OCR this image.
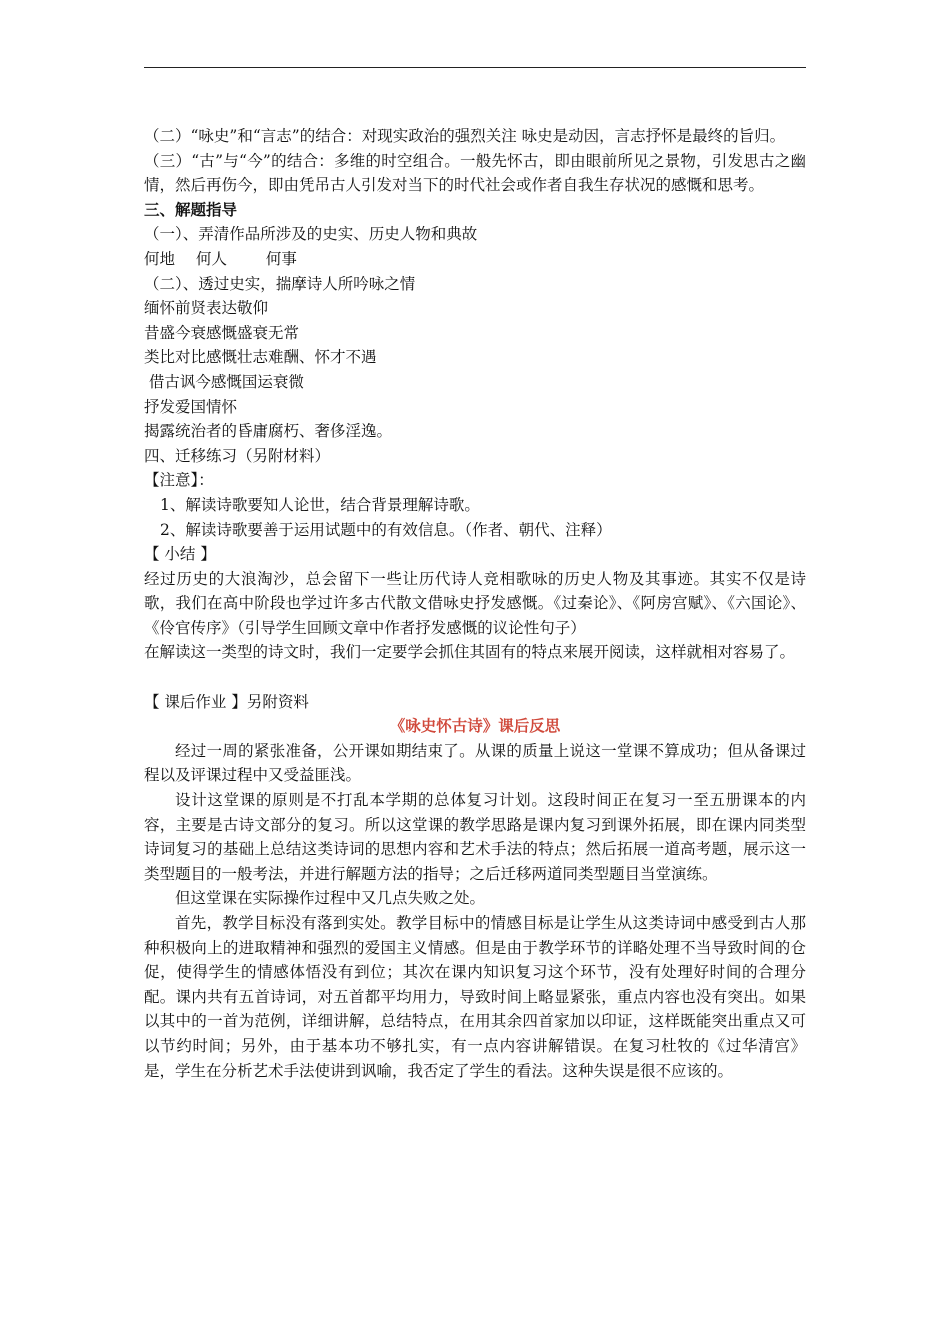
（二）“咏史”和“言志”的结合：对现实政治的强烈关注 咏史是动因，言志抒怀是最终的旨归。

（三）“古”与“今”的结合：多维的时空组合。一般先怀古，即由眼前所见之景物，引发思古之幽情，然后再伤今，即由凭吊古人引发对当下的时代社会或作者自我生存状况的感慨和思考。

三、解题指导

（一）、弄清作品所涉及的史实、历史人物和典故

何地 何人	何事

（二）、透过史实，揣摩诗人所吟咏之情

缅怀前贤表达敬仰

昔盛今衰感慨盛衰无常

类比对比感慨壮志难酬、怀才不遇

借古讽今感慨国运衰微

抒发爱国情怀

揭露统治者的昏庸腐朽、奢侈淫逸。

四、迁移练习（另附材料）

【注意】：

1、解读诗歌要知人论世，结合背景理解诗歌。

2、解读诗歌要善于运用试题中的有效信息。（作者、朝代、注释）

【 小结 】

经过历史的大浪淘沙，总会留下一些让历代诗人竞相歌咏的历史人物及其事迹。其实不仅是诗歌，我们在高中阶段也学过许多古代散文借咏史抒发感慨。《过秦论》、《阿房宫赋》、《六国论》、《伶官传序》（引导学生回顾文章中作者抒发感慨的议论性句子）

在解读这一类型的诗文时，我们一定要学会抓住其固有的特点来展开阅读，这样就相对容易了。

【 课后作业 】另附资料

《咏史怀古诗》课后反思

经过一周的紧张准备，公开课如期结束了。从课的质量上说这一堂课不算成功；但从备课过程以及评课过程中又受益匪浅。

设计这堂课的原则是不打乱本学期的总体复习计划。这段时间正在复习一至五册课本的内容，主要是古诗文部分的复习。所以这堂课的教学思路是课内复习到课外拓展，即在课内同类型诗词复习的基础上总结这类诗词的思想内容和艺术手法的特点；然后拓展一道高考题，展示这一类型题目的一般考法，并进行解题方法的指导；之后迁移两道同类型题目当堂演练。

但这堂课在实际操作过程中又几点失败之处。

首先，教学目标没有落到实处。教学目标中的情感目标是让学生从这类诗词中感受到古人那种积极向上的进取精神和强烈的爱国主义情感。但是由于教学环节的详略处理不当导致时间的仓促，使得学生的情感体悟没有到位；其次在课内知识复习这个环节，没有处理好时间的合理分配。课内共有五首诗词，对五首都平均用力，导致时间上略显紧张，重点内容也没有突出。如果以其中的一首为范例，详细讲解，总结特点，在用其余四首家加以印证，这样既能突出重点又可以节约时间；另外，由于基本功不够扎实，有一点内容讲解错误。在复习杜牧的《过华清宫》是，学生在分析艺术手法使讲到讽喻，我否定了学生的看法。这种失误是很不应该的。
